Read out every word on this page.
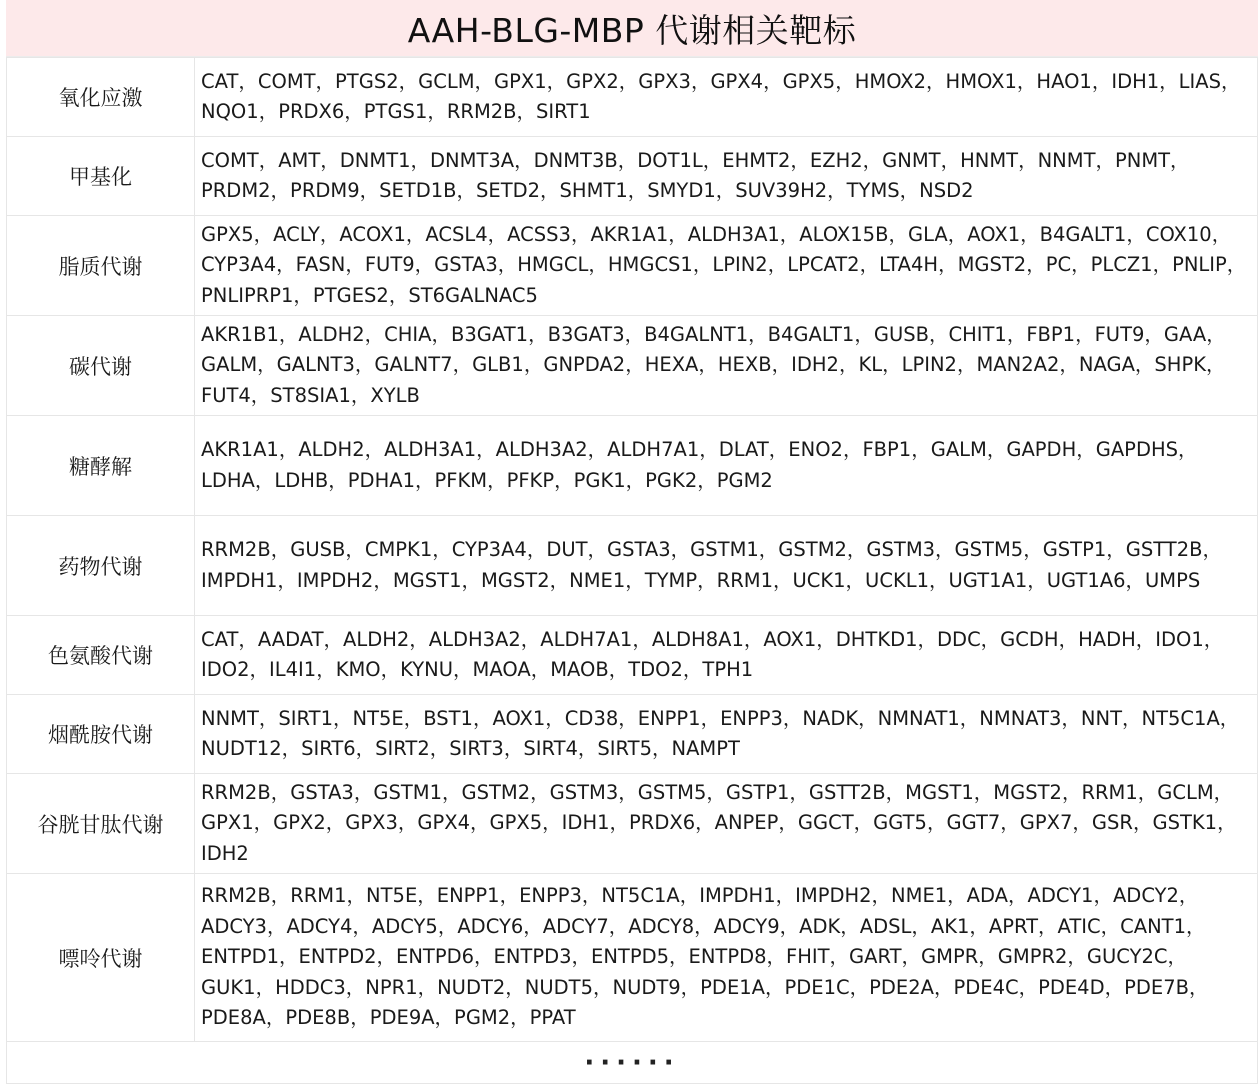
AAH-BLG-MBP 代谢相关靶标
氧化应激	CAT，COMT，PTGS2，GCLM，GPX1，GPX2，GPX3，GPX4，GPX5，HMOX2，HMOX1，HAO1，IDH1，LIAS，NQO1，PRDX6，PTGS1，RRM2B，SIRT1
甲基化	COMT，AMT，DNMT1，DNMT3A，DNMT3B，DOT1L，EHMT2，EZH2，GNMT，HNMT，NNMT，PNMT，PRDM2，PRDM9，SETD1B，SETD2，SHMT1，SMYD1，SUV39H2，TYMS，NSD2
脂质代谢	GPX5，ACLY，ACOX1，ACSL4，ACSS3，AKR1A1，ALDH3A1，ALOX15B，GLA，AOX1，B4GALT1，COX10，CYP3A4，FASN，FUT9，GSTA3，HMGCL，HMGCS1，LPIN2，LPCAT2，LTA4H，MGST2，PC，PLCZ1，PNLIP，PNLIPRP1，PTGES2，ST6GALNAC5
碳代谢	AKR1B1，ALDH2，CHIA，B3GAT1，B3GAT3，B4GALNT1，B4GALT1，GUSB，CHIT1，FBP1，FUT9，GAA，GALM，GALNT3，GALNT7，GLB1，GNPDA2，HEXA，HEXB，IDH2，KL，LPIN2，MAN2A2，NAGA，SHPK，FUT4，ST8SIA1，XYLB
糖酵解	AKR1A1，ALDH2，ALDH3A1，ALDH3A2，ALDH7A1，DLAT，ENO2，FBP1，GALM，GAPDH，GAPDHS，LDHA，LDHB，PDHA1，PFKM，PFKP，PGK1，PGK2，PGM2
药物代谢	RRM2B，GUSB，CMPK1，CYP3A4，DUT，GSTA3，GSTM1，GSTM2，GSTM3，GSTM5，GSTP1，GSTT2B，IMPDH1，IMPDH2，MGST1，MGST2，NME1，TYMP，RRM1，UCK1，UCKL1，UGT1A1，UGT1A6，UMPS
色氨酸代谢	CAT，AADAT，ALDH2，ALDH3A2，ALDH7A1，ALDH8A1，AOX1，DHTKD1，DDC，GCDH，HADH，IDO1，IDO2，IL4I1，KMO，KYNU，MAOA，MAOB，TDO2，TPH1
烟酰胺代谢	NNMT，SIRT1，NT5E，BST1，AOX1，CD38，ENPP1，ENPP3，NADK，NMNAT1，NMNAT3，NNT，NT5C1A，NUDT12，SIRT6，SIRT2，SIRT3，SIRT4，SIRT5，NAMPT
谷胱甘肽代谢	RRM2B，GSTA3，GSTM1，GSTM2，GSTM3，GSTM5，GSTP1，GSTT2B，MGST1，MGST2，RRM1，GCLM，GPX1，GPX2，GPX3，GPX4，GPX5，IDH1，PRDX6，ANPEP，GGCT，GGT5，GGT7，GPX7，GSR，GSTK1，IDH2
嘌呤代谢	RRM2B，RRM1，NT5E，ENPP1，ENPP3，NT5C1A，IMPDH1，IMPDH2，NME1，ADA，ADCY1，ADCY2，ADCY3，ADCY4，ADCY5，ADCY6，ADCY7，ADCY8，ADCY9，ADK，ADSL，AK1，APRT，ATIC，CANT1，ENTPD1，ENTPD2，ENTPD6，ENTPD3，ENTPD5，ENTPD8，FHIT，GART，GMPR，GMPR2，GUCY2C，GUK1，HDDC3，NPR1，NUDT2，NUDT5，NUDT9，PDE1A，PDE1C，PDE2A，PDE4C，PDE4D，PDE7B，PDE8A，PDE8B，PDE9A，PGM2，PPAT
······	
